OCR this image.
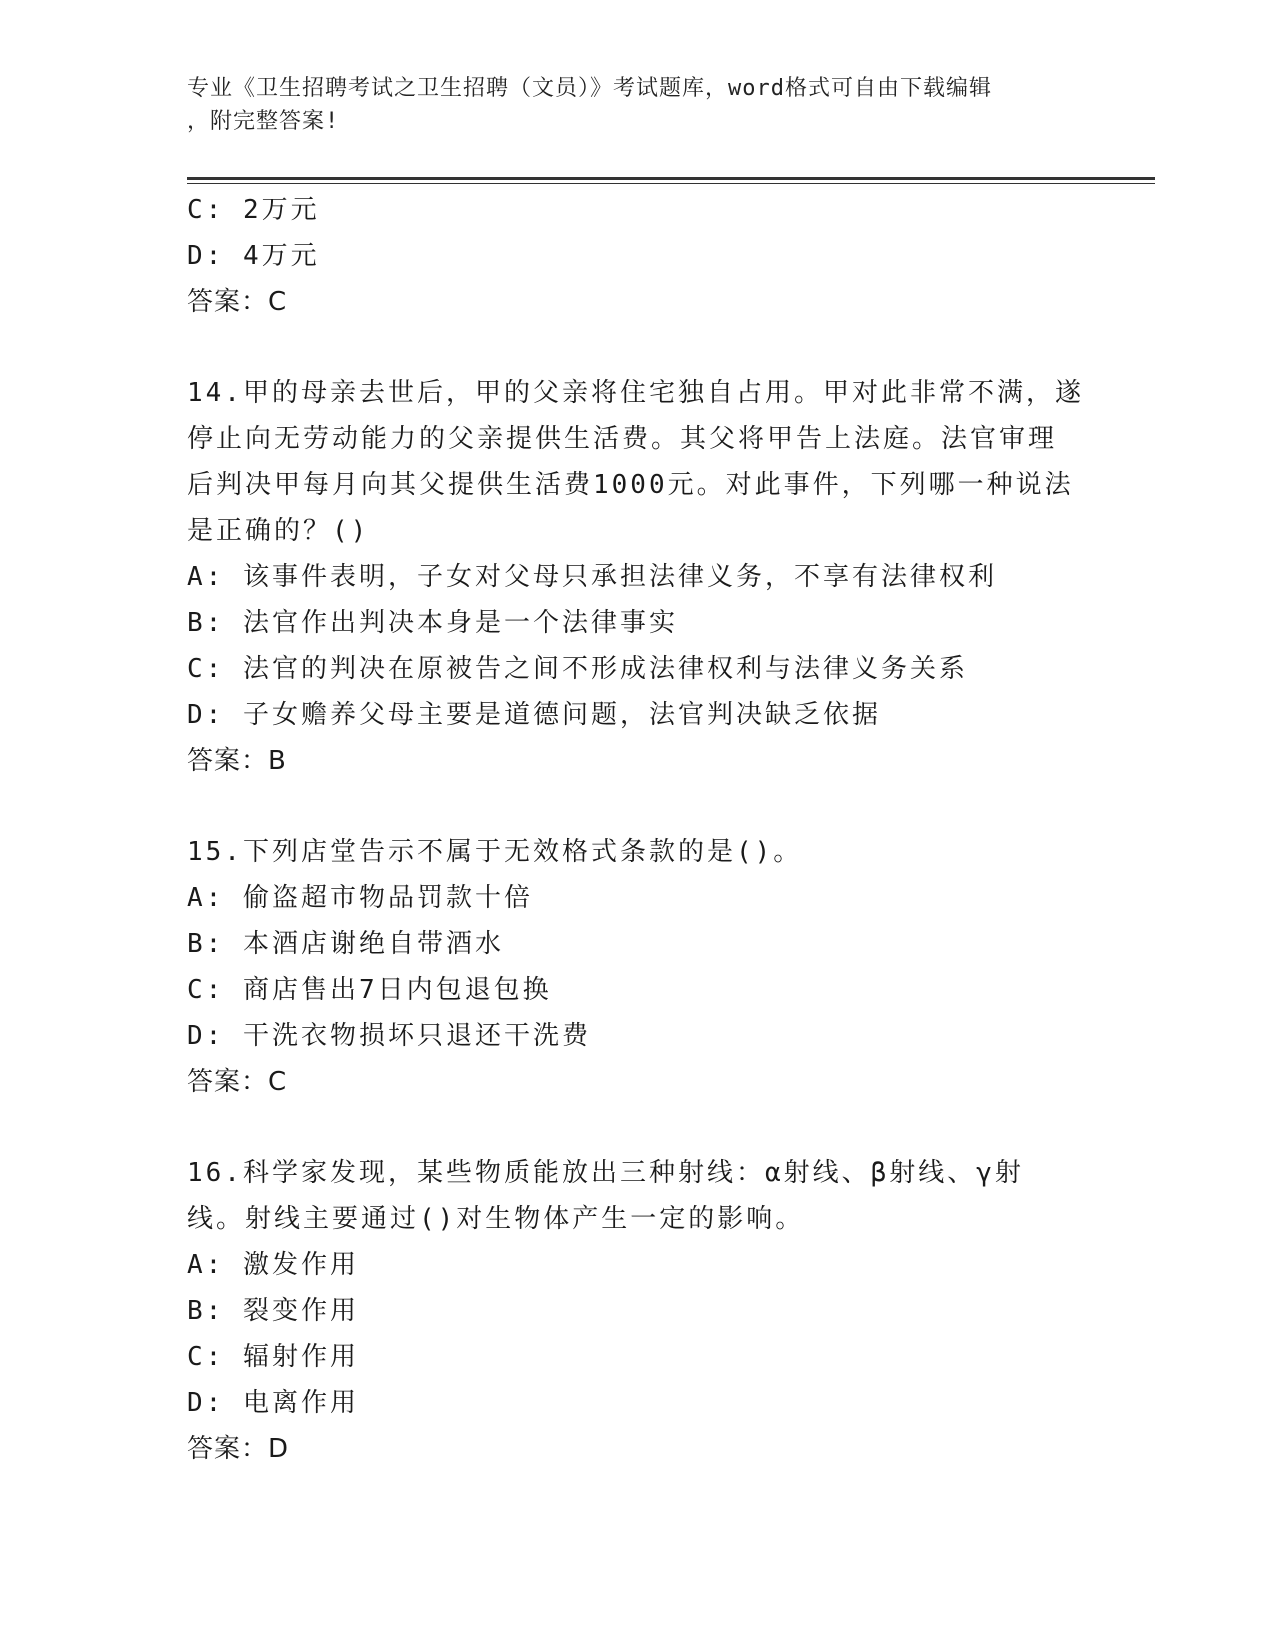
专业《卫生招聘考试之卫生招聘（文员）》考试题库，word格式可自由下载编辑
，附完整答案!
C: 2万元
D: 4万元
答案：C
14.甲的母亲去世后，甲的父亲将住宅独自占用。甲对此非常不满，遂
停止向无劳动能力的父亲提供生活费。其父将甲告上法庭。法官审理
后判决甲每月向其父提供生活费1000元。对此事件，下列哪一种说法
是正确的？()
A: 该事件表明，子女对父母只承担法律义务，不享有法律权利
B: 法官作出判决本身是一个法律事实
C: 法官的判决在原被告之间不形成法律权利与法律义务关系
D: 子女赡养父母主要是道德问题，法官判决缺乏依据
答案：B
15.下列店堂告示不属于无效格式条款的是()。
A: 偷盗超市物品罚款十倍
B: 本酒店谢绝自带酒水
C: 商店售出7日内包退包换
D: 干洗衣物损坏只退还干洗费
答案：C
16.科学家发现，某些物质能放出三种射线：α射线、β射线、γ射
线。射线主要通过()对生物体产生一定的影响。
A: 激发作用
B: 裂变作用
C: 辐射作用
D: 电离作用
答案：D
